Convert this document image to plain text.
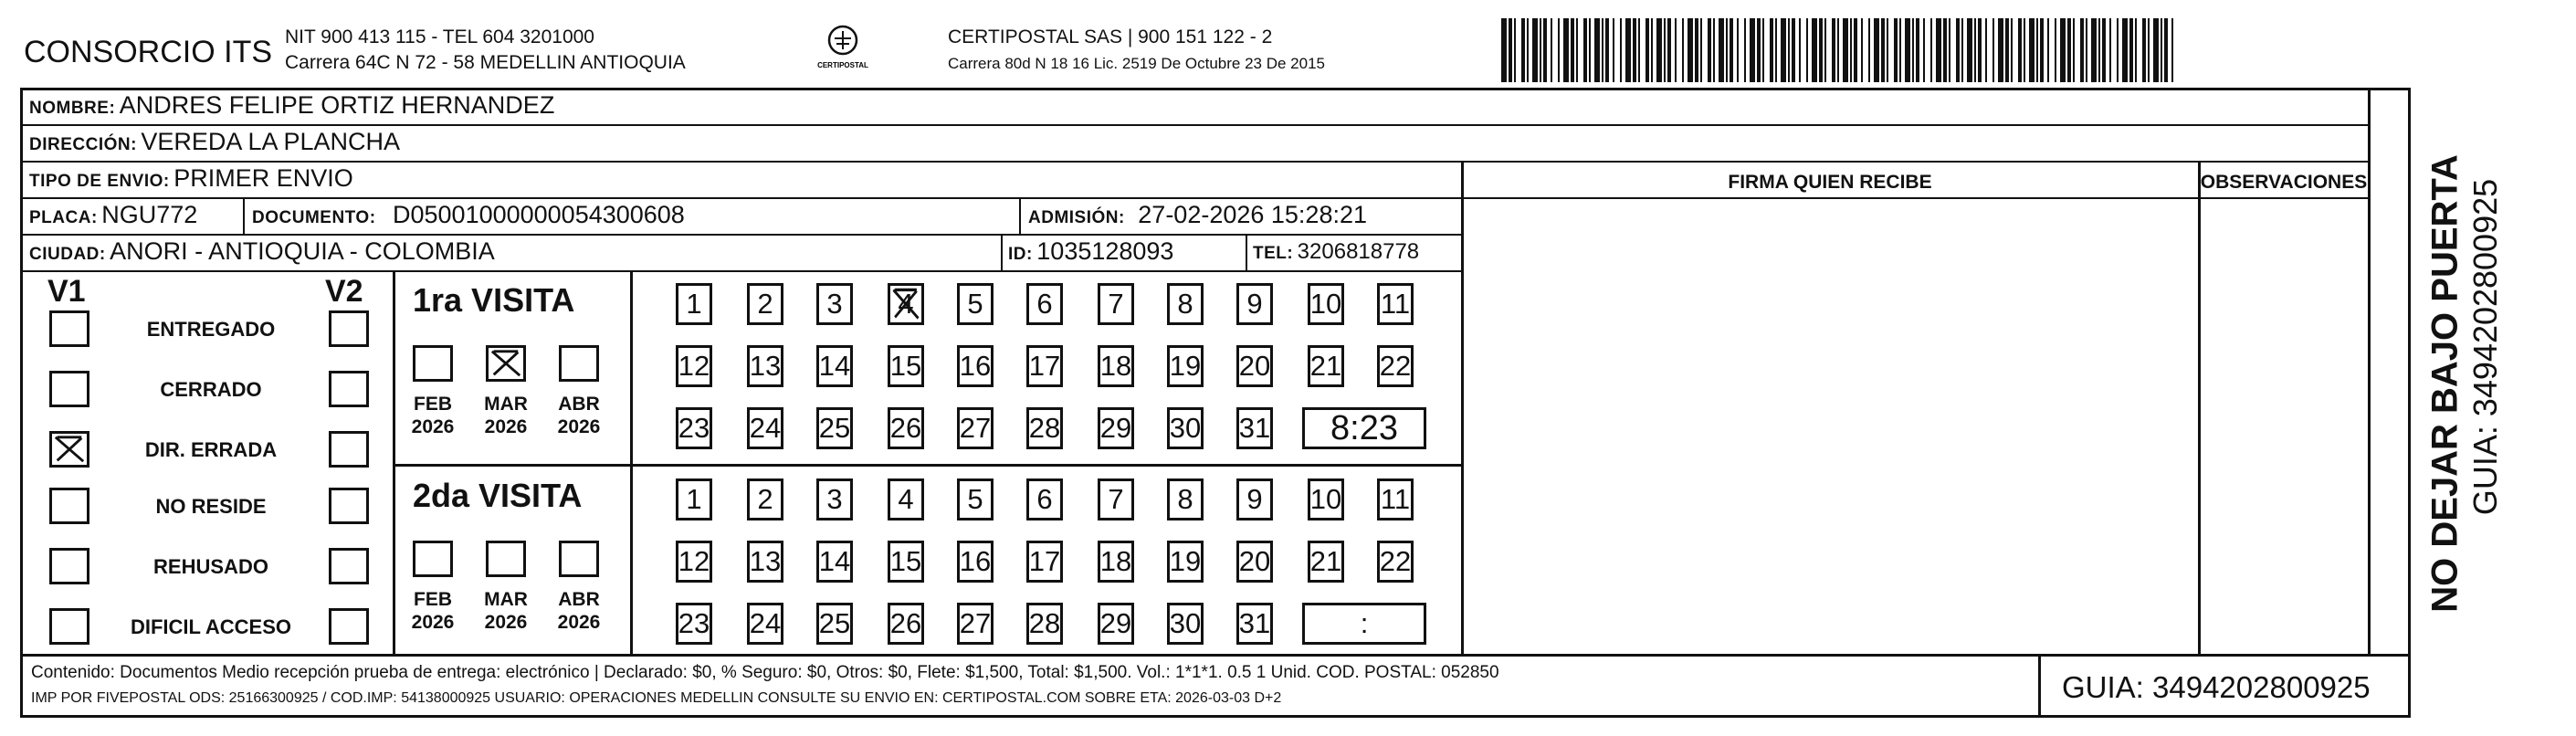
CONSORCIO ITS NIT 900 413 115 - TEL 604 3201000
Carrera 64C N 72 - 58 MEDELLIN ANTIOQUIA	CERTIPOSTAL
CERTIPOSTAL SAS | 900 151 122 - 2
Carrera 80d N 18 16 Lic. 2519 De Octubre 23 De 2015
NOMBRE: ANDRES FELIPE ORTIZ HERNANDEZ
DIRECCIÓN: VEREDA LA PLANCHA
TIPO DE ENVIO: PRIMER ENVIO	FIRMA QUIEN RECIBE	OBSERVACIONES
PLACA: NGU772	DOCUMENTO: D05001000000054300608	ADMISIÓN: 27-02-2026 15:28:21
CIUDAD: ANORI - ANTIOQUIA - COLOMBIA	ID: 1035128093	TEL: 3206818778
V1	V2
ENTREGADO
CERRADO
DIR. ERRADA
NO RESIDE
REHUSADO
DIFICIL ACCESO
1ra VISITA
FEB
2026
MAR
2026
ABR
2026
1 2 3 4 5 6 7 8 9 10 11
12 13 14 15 16 17 18 19 20 21 22
23 24 25 26 27 28 29 30 31 8:23
2da VISITA
FEB
2026
MAR
2026
ABR
2026
1 2 3 4 5 6 7 8 9 10 11
12 13 14 15 16 17 18 19 20 21 22
23 24 25 26 27 28 29 30 31	:
NO DEJAR BAJO PUERTA GUIA: 3494202800925
Contenido: Documentos Medio recepción prueba de entrega: electrónico | Declarado: $0, % Seguro: $0, Otros: $0, Flete: $1,500, Total: $1,500. Vol.: 1*1*1. 0.5 1 Unid. COD. POSTAL: 052850
IMP POR FIVEPOSTAL ODS: 25166300925 / COD.IMP: 54138000925 USUARIO: OPERACIONES MEDELLIN CONSULTE SU ENVIO EN: CERTIPOSTAL.COM SOBRE ETA: 2026-03-03 D+2	GUIA: 3494202800925
